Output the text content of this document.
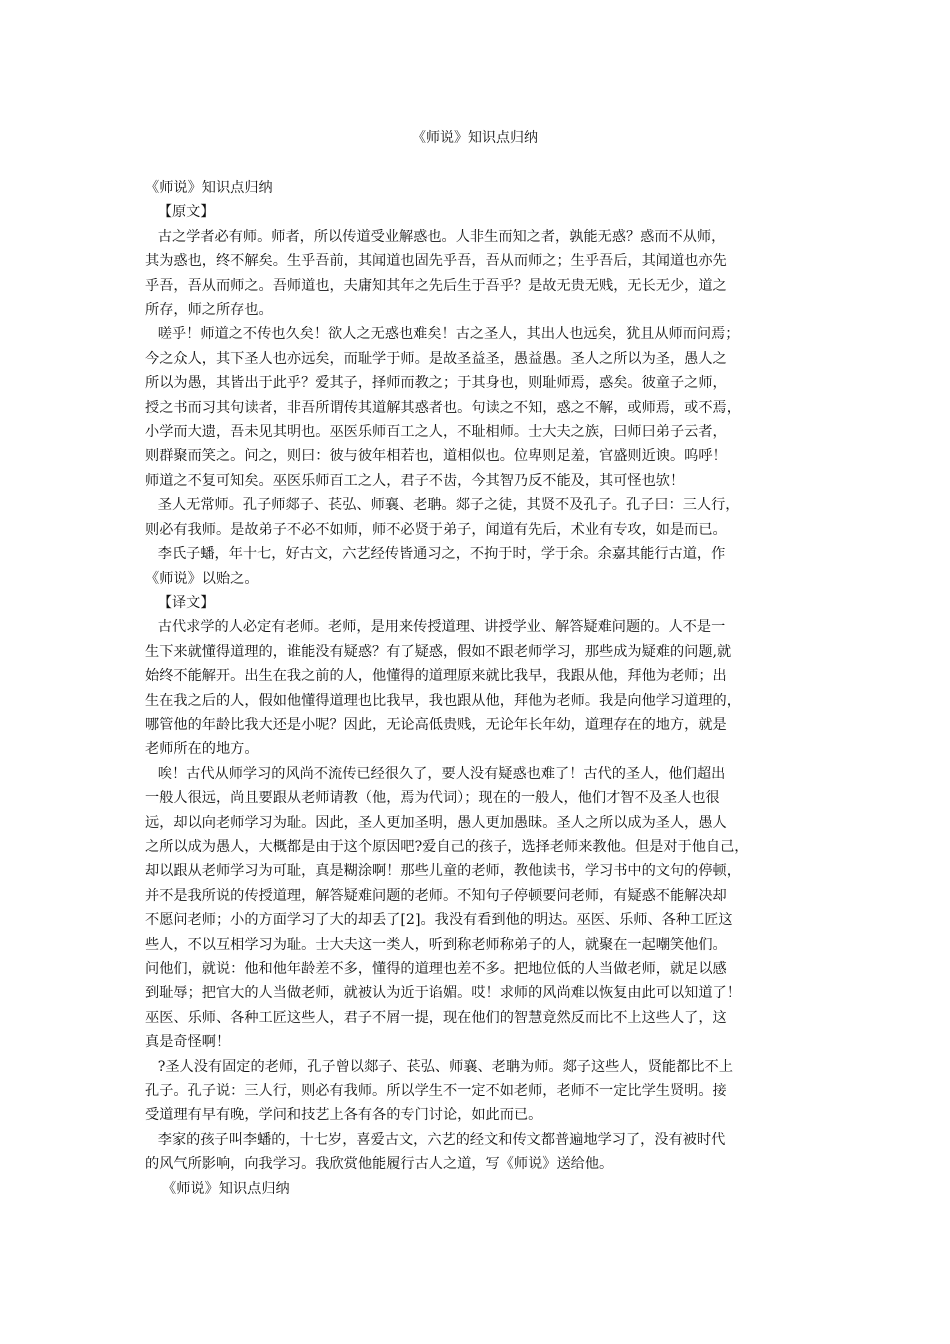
《师说》知识点归纳

《师说》知识点归纳

【原文】

古之学者必有师。师者，所以传道受业解惑也。人非生而知之者，孰能无惑？惑而不从师，

其为惑也，终不解矣。生乎吾前，其闻道也固先乎吾，吾从而师之；生乎吾后，其闻道也亦先

乎吾，吾从而师之。吾师道也，夫庸知其年之先后生于吾乎？是故无贵无贱，无长无少，道之

所存，师之所存也。

嗟乎！师道之不传也久矣！欲人之无惑也难矣！古之圣人，其出人也远矣，犹且从师而问焉；

今之众人，其下圣人也亦远矣，而耻学于师。是故圣益圣，愚益愚。圣人之所以为圣，愚人之

所以为愚，其皆出于此乎？爱其子，择师而教之；于其身也，则耻师焉，惑矣。彼童子之师，

授之书而习其句读者，非吾所谓传其道解其惑者也。句读之不知，惑之不解，或师焉，或不焉，

小学而大遗，吾未见其明也。巫医乐师百工之人，不耻相师。士大夫之族，曰师曰弟子云者，

则群聚而笑之。问之，则曰：彼与彼年相若也，道相似也。位卑则足羞，官盛则近谀。呜呼！

师道之不复可知矣。巫医乐师百工之人，君子不齿，今其智乃反不能及，其可怪也欤！

圣人无常师。孔子师郯子、苌弘、师襄、老聃。郯子之徒，其贤不及孔子。孔子曰：三人行，

则必有我师。是故弟子不必不如师，师不必贤于弟子，闻道有先后，术业有专攻，如是而已。

李氏子蟠，年十七，好古文，六艺经传皆通习之，不拘于时，学于余。余嘉其能行古道，作

《师说》以贻之。

【译文】

古代求学的人必定有老师。老师，是用来传授道理、讲授学业、解答疑难问题的。人不是一

生下来就懂得道理的，谁能没有疑惑？有了疑惑，假如不跟老师学习，那些成为疑难的问题,就

始终不能解开。出生在我之前的人，他懂得的道理原来就比我早，我跟从他，拜他为老师；出

生在我之后的人，假如他懂得道理也比我早，我也跟从他，拜他为老师。我是向他学习道理的，

哪管他的年龄比我大还是小呢？因此，无论高低贵贱，无论年长年幼，道理存在的地方，就是

老师所在的地方。

唉！古代从师学习的风尚不流传已经很久了，要人没有疑惑也难了！古代的圣人，他们超出

一般人很远，尚且要跟从老师请教（他，焉为代词）；现在的一般人，他们才智不及圣人也很

远，却以向老师学习为耻。因此，圣人更加圣明，愚人更加愚昧。圣人之所以成为圣人，愚人

之所以成为愚人，大概都是由于这个原因吧?爱自己的孩子，选择老师来教他。但是对于他自己，

却以跟从老师学习为可耻，真是糊涂啊！那些儿童的老师，教他读书，学习书中的文句的停顿，

并不是我所说的传授道理，解答疑难问题的老师。不知句子停顿要问老师，有疑惑不能解决却

不愿问老师；小的方面学习了大的却丢了[2]。我没有看到他的明达。巫医、乐师、各种工匠这

些人，不以互相学习为耻。士大夫这一类人，听到称老师称弟子的人，就聚在一起嘲笑他们。

问他们，就说：他和他年龄差不多，懂得的道理也差不多。把地位低的人当做老师，就足以感

到耻辱；把官大的人当做老师，就被认为近于谄媚。哎！求师的风尚难以恢复由此可以知道了！

巫医、乐师、各种工匠这些人，君子不屑一提，现在他们的智慧竟然反而比不上这些人了，这

真是奇怪啊！

?圣人没有固定的老师，孔子曾以郯子、苌弘、师襄、老聃为师。郯子这些人，贤能都比不上

孔子。孔子说：三人行，则必有我师。所以学生不一定不如老师，老师不一定比学生贤明。接

受道理有早有晚，学问和技艺上各有各的专门讨论，如此而已。

李家的孩子叫李蟠的，十七岁，喜爱古文，六艺的经文和传文都普遍地学习了，没有被时代

的风气所影响，向我学习。我欣赏他能履行古人之道，写《师说》送给他。

《师说》知识点归纳
